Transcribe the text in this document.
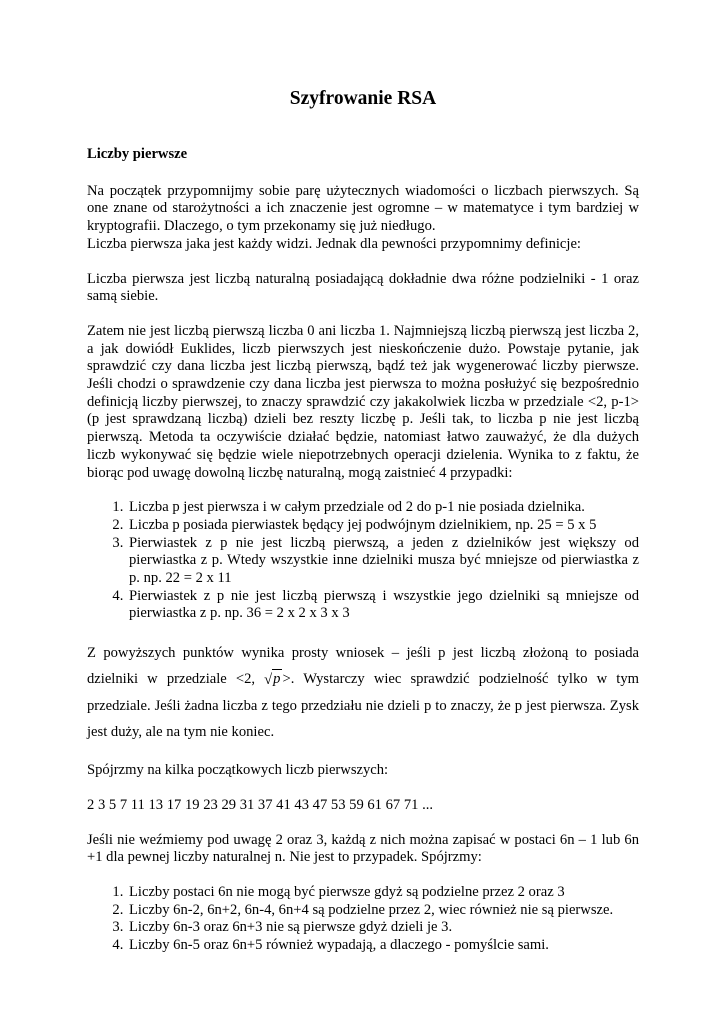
Szyfrowanie RSA
Liczby pierwsze

Na początek przypomnijmy sobie parę użytecznych wiadomości o liczbach pierwszych. Są one znane od starożytności a ich znaczenie jest ogromne – w matematyce i tym bardziej w kryptografii. Dlaczego, o tym przekonamy się już niedługo.

Liczba pierwsza jaka jest każdy widzi. Jednak dla pewności przypomnimy definicje:

Liczba pierwsza jest liczbą naturalną posiadającą dokładnie dwa różne podzielniki - 1 oraz samą siebie.

Zatem nie jest liczbą pierwszą liczba 0 ani liczba 1. Najmniejszą liczbą pierwszą jest liczba 2, a jak dowiódł Euklides, liczb pierwszych jest nieskończenie dużo. Powstaje pytanie, jak sprawdzić czy dana liczba jest liczbą pierwszą, bądź też jak wygenerować liczby pierwsze. Jeśli chodzi o sprawdzenie czy dana liczba jest pierwsza to można posłużyć się bezpośrednio definicją liczby pierwszej, to znaczy sprawdzić czy jakakolwiek liczba w przedziale <2, p-1> (p jest sprawdzaną liczbą) dzieli bez reszty liczbę p. Jeśli tak, to liczba p nie jest liczbą pierwszą. Metoda ta oczywiście działać będzie, natomiast łatwo zauważyć, że dla dużych liczb wykonywać się będzie wiele niepotrzebnych operacji dzielenia. Wynika to z faktu, że biorąc pod uwagę dowolną liczbę naturalną, mogą zaistnieć 4 przypadki:

1. Liczba p jest pierwsza i w całym przedziale od 2 do p-1 nie posiada dzielnika.
2. Liczba p posiada pierwiastek będący jej podwójnym dzielnikiem, np. 25 = 5 x 5
3. Pierwiastek z p nie jest liczbą pierwszą, a jeden z dzielników jest większy od pierwiastka z p. Wtedy wszystkie inne dzielniki musza być mniejsze od pierwiastka z p. np. 22 = 2 x 11
4. Pierwiastek z p nie jest liczbą pierwszą i wszystkie jego dzielniki są mniejsze od pierwiastka z p. np. 36 = 2 x 2 x 3 x 3

Z powyższych punktów wynika prosty wniosek – jeśli p jest liczbą złożoną to posiada dzielniki w przedziale <2, √p >. Wystarczy wiec sprawdzić podzielność tylko w tym przedziale. Jeśli żadna liczba z tego przedziału nie dzieli p to znaczy, że p jest pierwsza. Zysk jest duży, ale na tym nie koniec.

Spójrzmy na kilka początkowych liczb pierwszych:

2 3 5 7 11 13 17 19 23 29 31 37 41 43 47 53 59 61 67 71 ...

Jeśli nie weźmiemy pod uwagę 2 oraz 3, każdą z nich można zapisać w postaci 6n – 1 lub 6n +1 dla pewnej liczby naturalnej n. Nie jest to przypadek. Spójrzmy:

1. Liczby postaci 6n nie mogą być pierwsze gdyż są podzielne przez 2 oraz 3
2. Liczby 6n-2, 6n+2, 6n-4, 6n+4 są podzielne przez 2, wiec również nie są pierwsze.
3. Liczby 6n-3 oraz 6n+3 nie są pierwsze gdyż dzieli je 3.
4. Liczby 6n-5 oraz 6n+5 również wypadają, a dlaczego - pomyślcie sami.
